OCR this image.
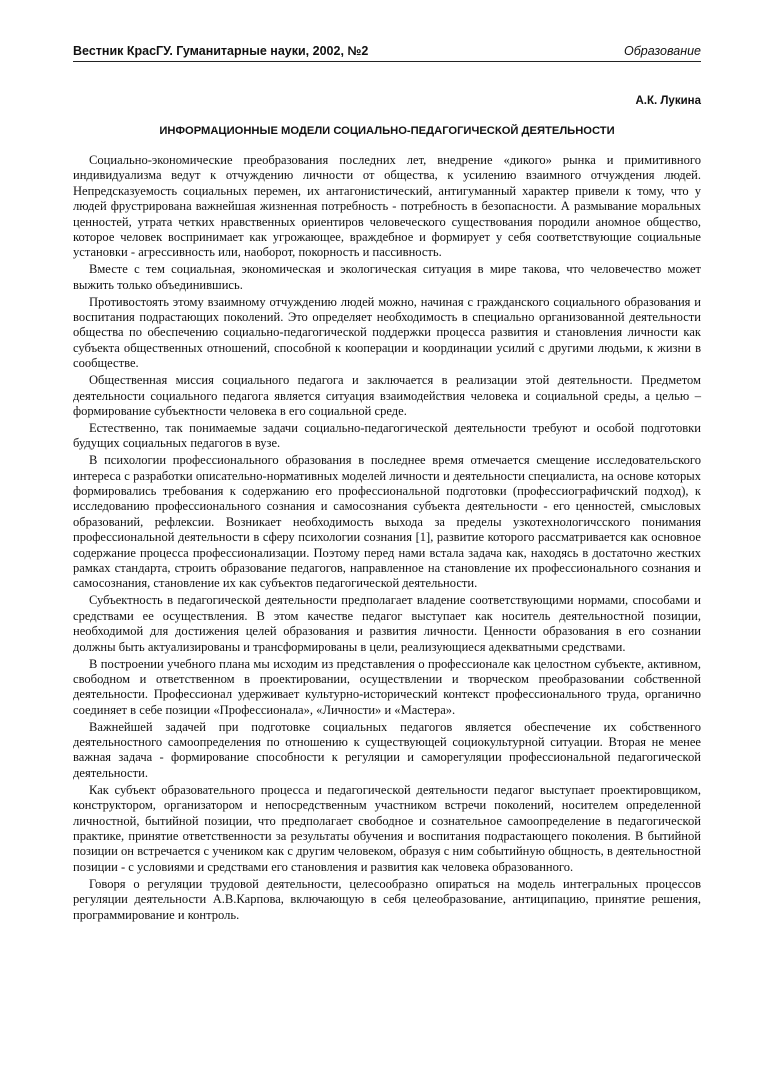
Вестник КрасГУ. Гуманитарные науки, 2002, №2	Образование
А.К. Лукина
ИНФОРМАЦИОННЫЕ МОДЕЛИ СОЦИАЛЬНО-ПЕДАГОГИЧЕСКОЙ ДЕЯТЕЛЬНОСТИ

Социально-экономические преобразования последних лет, внедрение «дикого» рынка и примитивного индивидуализма ведут к отчуждению личности от общества, к усилению взаимного отчуждения людей. Непредсказуемость социальных перемен, их антагонистический, антигуманный характер привели к тому, что у людей фрустрирована важнейшая жизненная потребность - потребность в безопасности. А размывание моральных ценностей, утрата четких нравственных ориентиров человеческого существования породили аномное общество, которое человек воспринимает как угрожающее, враждебное и формирует у себя соответствующие социальные установки - агрессивность или, наоборот, покорность и пассивность.

Вместе с тем социальная, экономическая и экологическая ситуация в мире такова, что человечество может выжить только объединившись.

Противостоять этому взаимному отчуждению людей можно, начиная с гражданского социального образования и воспитания подрастающих поколений. Это определяет необходимость в специально организованной деятельности общества по обеспечению социально-педагогической поддержки процесса развития и становления личности как субъекта общественных отношений, способной к кооперации и координации усилий с другими людьми, к жизни в сообществе.

Общественная миссия социального педагога и заключается в реализации этой деятельности. Предметом деятельности социального педагога является ситуация взаимодействия человека и социальной среды, а целью – формирование субъектности человека в его социальной среде.

Естественно, так понимаемые задачи социально-педагогической деятельности требуют и особой подготовки будущих социальных педагогов в вузе.

В психологии профессионального образования в последнее время отмечается смещение исследовательского интереса с разработки описательно-нормативных моделей личности и деятельности специалиста, на основе которых формировались требования к содержанию его профессиональной подготовки (профессиографичcкий подход), к исследованию профессионального сознания и самосознания субъекта деятельности - его ценностей, смысловых образований, рефлексии. Возникает необходимость выхода за пределы узкотехнологичcского понимания профессиональной деятельности в сферу психологии сознания [1], развитие которого рассматривается как основное содержание процесса профессионализации. Поэтому перед нами встала задача как, находясь в достаточно жестких рамках стандарта, строить образование педагогов, направленное на становление их профессионального сознания и самосознания, становление их как субъектов педагогической деятельности.

Субъектность в педагогической деятельности предполагает владение соответствующими нормами, способами и средствами ее осуществления. В этом качестве педагог выступает как носитель деятельностной позиции, необходимой для достижения целей образования и развития личности. Ценности образования в его сознании должны быть актуализированы и трансформированы в цели, реализующиеся адекватными средствами.

В построении учебного плана мы исходим из представления о профессионале как целостном субъекте, активном, свободном и ответственном в проектировании, осуществлении и творческом преобразовании собственной деятельности. Профессионал удерживает культурно-исторический контекст профессионального труда, органично соединяет в себе позиции «Профессионала», «Личности» и «Мастера».

Важнейшей задачей при подготовке социальных педагогов является обеспечение их собственного деятельностного самоопределения по отношению к существующей социокультурной ситуации. Вторая не менее важная задача - формирование способности к регуляции и саморегуляции профессиональной педагогической деятельности.

Как субъект образовательного процесса и педагогической деятельности педагог выступает проектировщиком, конструктором, организатором и непосредственным участником встречи поколений, носителем определенной личностной, бытийной позиции, что предполагает свободное и сознательное самоопределение в педагогической практике, принятие ответственности за результаты обучения и воспитания подрастающего поколения. В бытийной позиции он встречается с учеником как с другим человеком, образуя с ним событийную общность, в деятельностной позиции - с условиями и средствами его становления и развития как человека образованного.

Говоря о регуляции трудовой деятельности, целесообразно опираться на модель интегральных процессов регуляции деятельности А.В.Карпова, включающую в себя целеобразование, антиципацию, принятие решения, программирование и контроль.
